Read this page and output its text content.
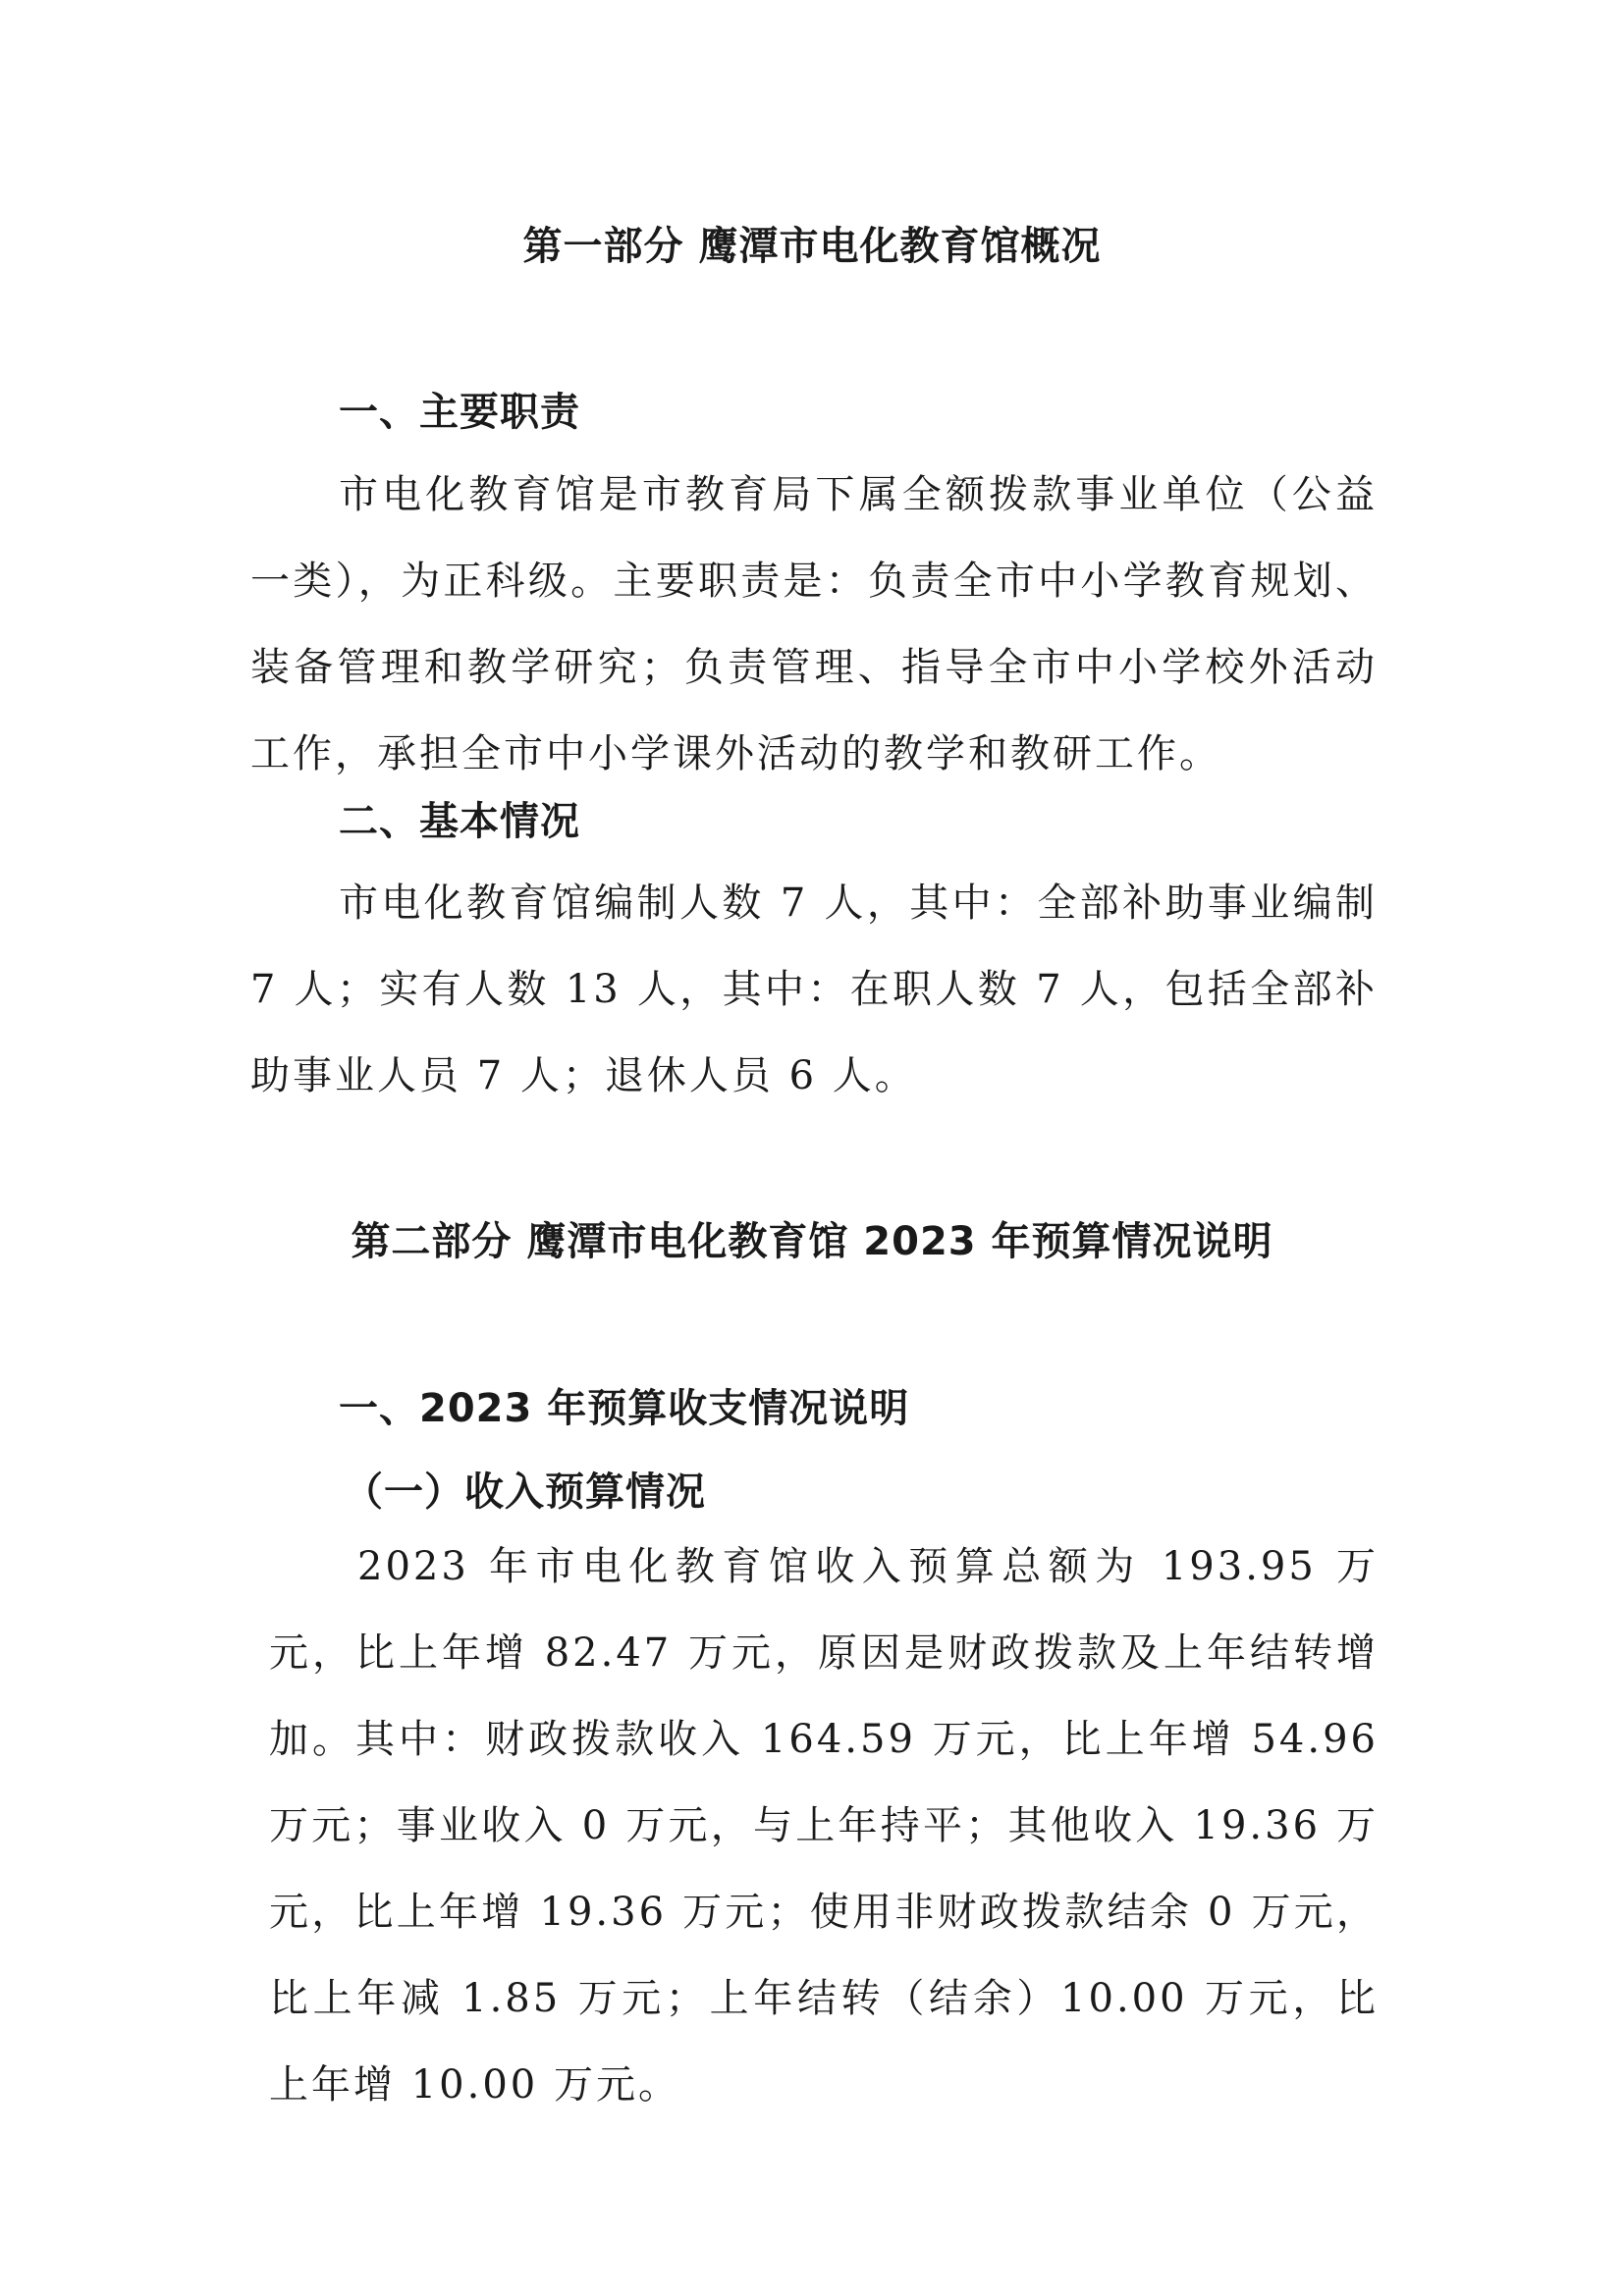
第一部分 鹰潭市电化教育馆概况
一、主要职责
市电化教育馆是市教育局下属全额拨款事业单位（公益一类），为正科级。主要职责是：负责全市中小学教育规划、装备管理和教学研究；负责管理、指导全市中小学校外活动工作，承担全市中小学课外活动的教学和教研工作。
二、基本情况
市电化教育馆编制人数 7 人，其中：全部补助事业编制 7 人；实有人数 13 人，其中：在职人数 7 人，包括全部补助事业人员 7 人；退休人员 6 人。
第二部分 鹰潭市电化教育馆 2023 年预算情况说明
一、2023 年预算收支情况说明
（一）收入预算情况
2023 年市电化教育馆收入预算总额为 193.95 万元，比上年增 82.47 万元，原因是财政拨款及上年结转增加。其中：财政拨款收入 164.59 万元，比上年增 54.96 万元；事业收入 0 万元，与上年持平；其他收入 19.36 万元，比上年增 19.36 万元；使用非财政拨款结余 0 万元，比上年减 1.85 万元；上年结转（结余）10.00 万元，比上年增 10.00 万元。
